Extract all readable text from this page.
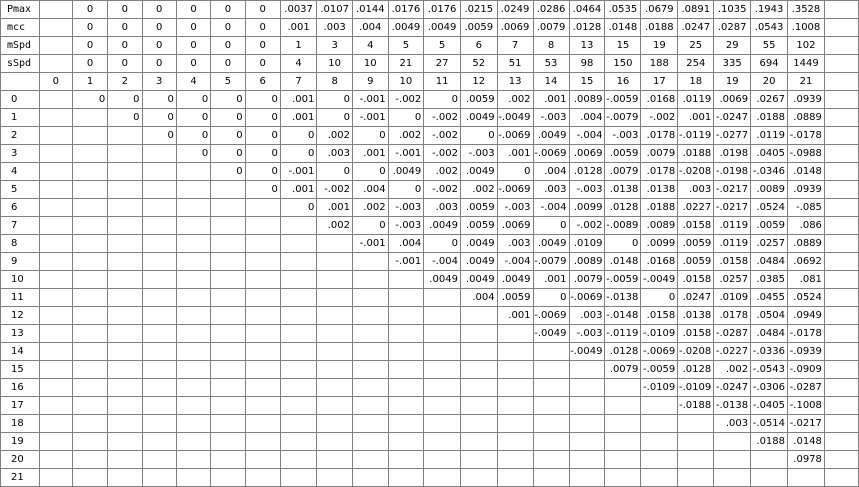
Pmax		0	0	0	0	0	0	.0037	.0107	.0144	.0176	.0176	.0215	.0249	.0286	.0464	.0535	.0679	.0891	.1035	.1943	.3528	
mcc		0	0	0	0	0	0	.001	.003	.004	.0049	.0049	.0059	.0069	.0079	.0128	.0148	.0188	.0247	.0287	.0543	.1008	
mSpd		0	0	0	0	0	0	1	3	4	5	5	6	7	8	13	15	19	25	29	55	102	
sSpd		0	0	0	0	0	0	4	10	10	21	27	52	51	53	98	150	188	254	335	694	1449	
	0	1	2	3	4	5	6	7	8	9	10	11	12	13	14	15	16	17	18	19	20	21	
0		0	0	0	0	0	0	.001	0	-.001	-.002	0	.0059	.002	.001	.0089	-.0059	.0168	.0119	.0069	.0267	.0939	
1			0	0	0	0	0	.001	0	-.001	0	-.002	.0049	-.0049	-.003	.004	-.0079	-.002	.001	-.0247	.0188	.0889	
2				0	0	0	0	0	.002	0	.002	-.002	0	-.0069	.0049	-.004	-.003	.0178	-.0119	-.0277	.0119	-.0178	
3					0	0	0	0	.003	.001	-.001	-.002	-.003	.001	-.0069	.0069	.0059	.0079	.0188	.0198	.0405	-.0988	
4						0	0	-.001	0	0	.0049	.002	.0049	0	.004	.0128	.0079	.0178	-.0208	-.0198	-.0346	.0148	
5							0	.001	-.002	.004	0	-.002	.002	-.0069	.003	-.003	.0138	.0138	.003	-.0217	.0089	.0939	
6								0	.001	.002	-.003	.003	.0059	-.003	-.004	.0099	.0128	.0188	.0227	-.0217	.0524	-.085	
7									.002	0	-.003	.0049	.0059	.0069	0	-.002	-.0089	.0089	.0158	.0119	.0059	.086	
8										-.001	.004	0	.0049	.003	.0049	.0109	0	.0099	.0059	.0119	.0257	.0889	
9											-.001	-.004	.0049	-.004	-.0079	.0089	.0148	.0168	.0059	.0158	.0484	.0692	
10												.0049	.0049	.0049	.001	.0079	-.0059	-.0049	.0158	.0257	.0385	.081	
11													.004	.0059	0	-.0069	-.0138	0	.0247	.0109	.0455	.0524	
12														.001	-.0069	.003	-.0148	.0158	.0138	.0178	.0504	.0949	
13															-.0049	-.003	-.0119	-.0109	.0158	-.0287	.0484	-.0178	
14																-.0049	.0128	-.0069	-.0208	-.0227	-.0336	-.0939	
15																	.0079	-.0059	.0128	.002	-.0543	-.0909	
16																		-.0109	-.0109	-.0247	-.0306	-.0287	
17																			-.0188	-.0138	-.0405	-.1008	
18																				.003	-.0514	-.0217	
19																					.0188	.0148	
20																						.0978	
21																							
